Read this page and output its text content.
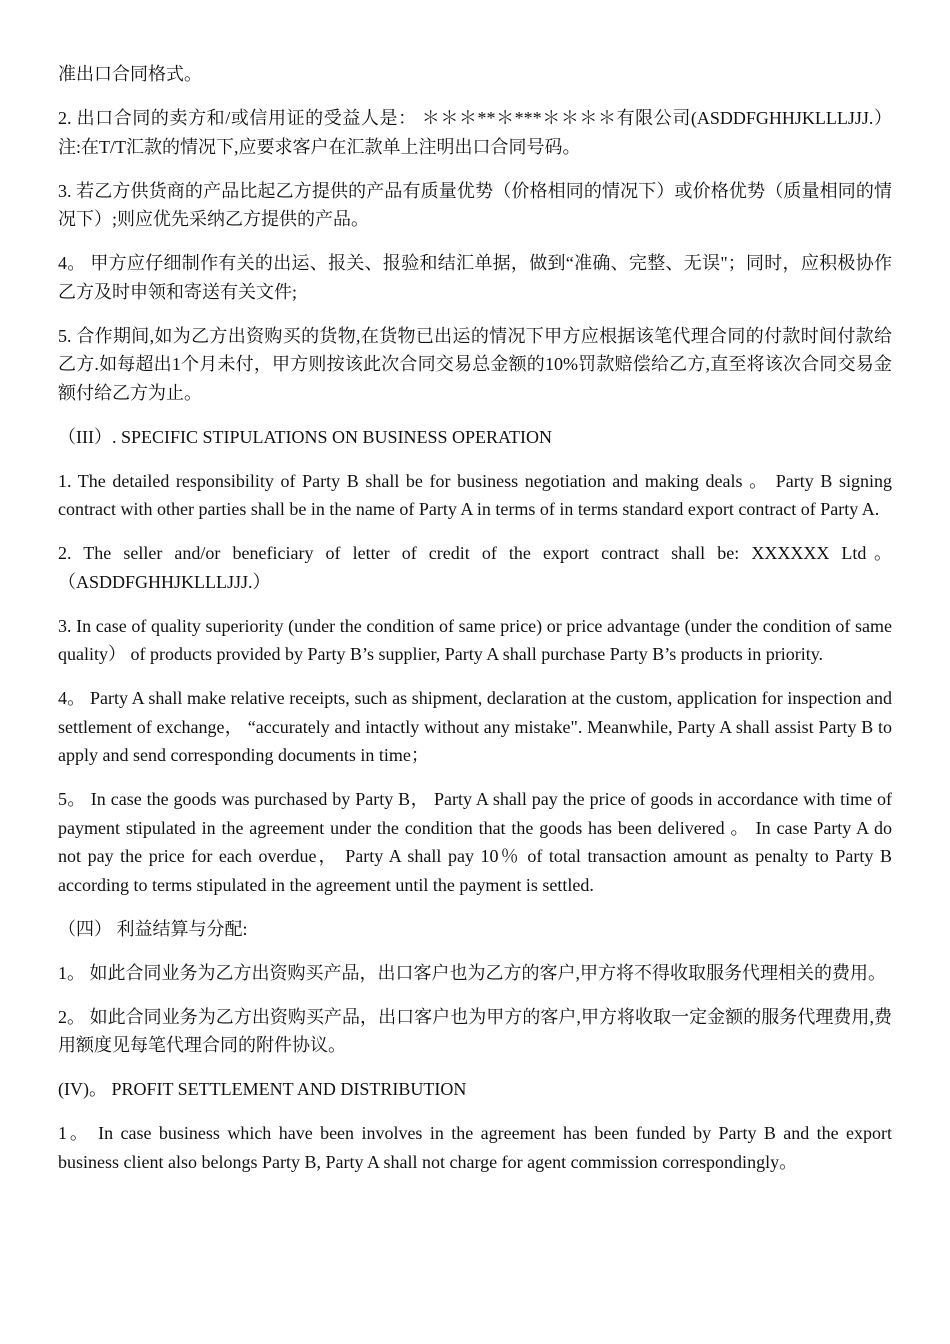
准出口合同格式。

2. 出口合同的卖方和/或信用证的受益人是： ＊＊＊**＊***＊＊＊＊有限公司(ASDDFGHHJKLLLJJJ.） 注:在T/T汇款的情况下,应要求客户在汇款单上注明出口合同号码。

3. 若乙方供货商的产品比起乙方提供的产品有质量优势（价格相同的情况下）或价格优势（质量相同的情况下）;则应优先采纳乙方提供的产品。

4。 甲方应仔细制作有关的出运、报关、报验和结汇单据，做到“准确、完整、无误"；同时，应积极协作乙方及时申领和寄送有关文件;

5. 合作期间,如为乙方出资购买的货物,在货物已出运的情况下甲方应根据该笔代理合同的付款时间付款给乙方.如每超出1个月未付，甲方则按该此次合同交易总金额的10%罚款赔偿给乙方,直至将该次合同交易金额付给乙方为止。

（III）. SPECIFIC STIPULATIONS ON BUSINESS OPERATION

1. The detailed responsibility of Party B shall be for business negotiation and making deals 。 Party B signing contract with other parties shall be in the name of Party A in terms of in terms standard export contract of Party A.

2. The seller and/or beneficiary of letter of credit of the export contract shall be: XXXXXX Ltd。（ASDDFGHHJKLLLJJJ.）

3. In case of quality superiority (under the condition of same price) or price advantage (under the condition of same quality） of products provided by Party B’s supplier, Party A shall purchase Party B’s products in priority.

4。 Party A shall make relative receipts, such as shipment, declaration at the custom, application for inspection and settlement of exchange， “accurately and intactly without any mistake". Meanwhile, Party A shall assist Party B to apply and send corresponding documents in time；

5。 In case the goods was purchased by Party B， Party A shall pay the price of goods in accordance with time of payment stipulated in the agreement under the condition that the goods has been delivered 。 In case Party A do not pay the price for each overdue， Party A shall pay 10％ of total transaction amount as penalty to Party B according to terms stipulated in the agreement until the payment is settled.

（四） 利益结算与分配:

1。 如此合同业务为乙方出资购买产品，出口客户也为乙方的客户,甲方将不得收取服务代理相关的费用。

2。 如此合同业务为乙方出资购买产品，出口客户也为甲方的客户,甲方将收取一定金额的服务代理费用,费用额度见每笔代理合同的附件协议。

(IV)。 PROFIT SETTLEMENT AND DISTRIBUTION

1。 In case business which have been involves in the agreement has been funded by Party B and the export business client also belongs Party B, Party A shall not charge for agent commission correspondingly。
